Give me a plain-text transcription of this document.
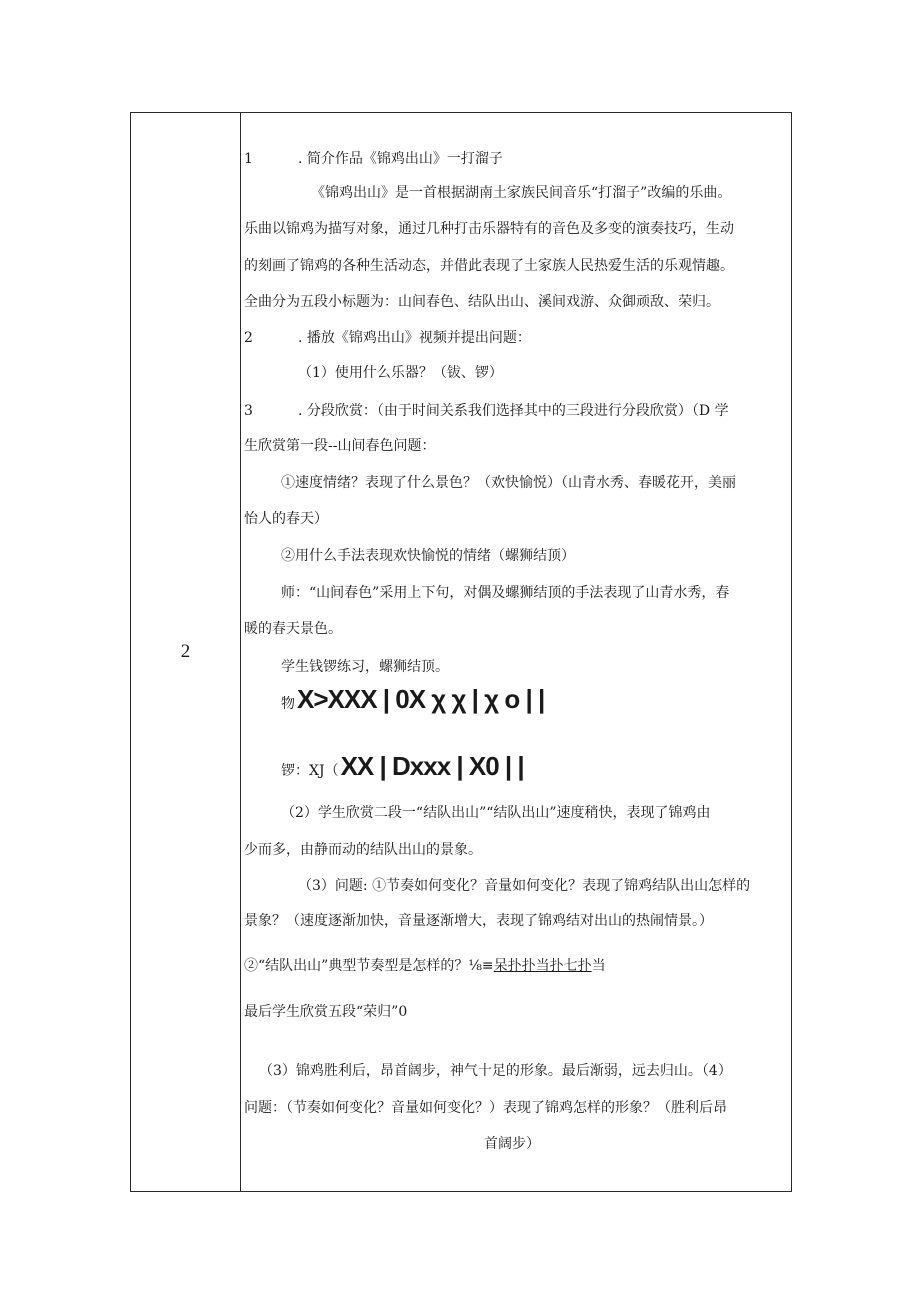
2

1	. 简介作品《锦鸡出山》一打溜子
《锦鸡出山》是一首根据湖南土家族民间音乐“打溜子”改编的乐曲。
乐曲以锦鸡为描写对象，通过几种打击乐器特有的音色及多变的演奏技巧，生动
的刻画了锦鸡的各种生活动态，并借此表现了土家族人民热爱生活的乐观情趣。
全曲分为五段小标题为：山间春色、结队出山、溪间戏游、众御顽敌、荣归。
2	. 播放《锦鸡出山》视频并提出问题：
（1）使用什么乐器？（钹、锣）
3	. 分段欣赏：（由于时间关系我们选择其中的三段进行分段欣赏）（D 学
生欣赏第一段--山间春色问题：
①速度情绪？表现了什么景色？（欢快愉悦）（山青水秀、春暖花开，美丽
怡人的春天）
②用什么手法表现欢快愉悦的情绪（螺狮结顶）
师：“山间春色”采用上下句，对偶及螺狮结顶的手法表现了山青水秀，春
暖的春天景色。
学生钱锣练习，螺狮结顶。
物X>XXX | 0X χ χ | χ o | |
锣：XJ（XX | Dxxx | X0 | |
（2）学生欣赏二段一“结队出山”“结队出山”速度稍快，表现了锦鸡由
少而多，由静而动的结队出山的景象。
（3）问题: ①节奏如何变化？音量如何变化？表现了锦鸡结队出山怎样的
景象？（速度逐渐加快，音量逐渐增大，表现了锦鸡结对出山的热闹情景。）
②“结队出山”典型节奏型是怎样的？⅛≡呆扑扑当扑七扑当
最后学生欣赏五段“荣归”0
（3）锦鸡胜利后，昂首阔步，神气十足的形象。最后渐弱，远去归山。（4）
问题：（节奏如何变化？音量如何变化？）表现了锦鸡怎样的形象？（胜利后昂
首阔步）
